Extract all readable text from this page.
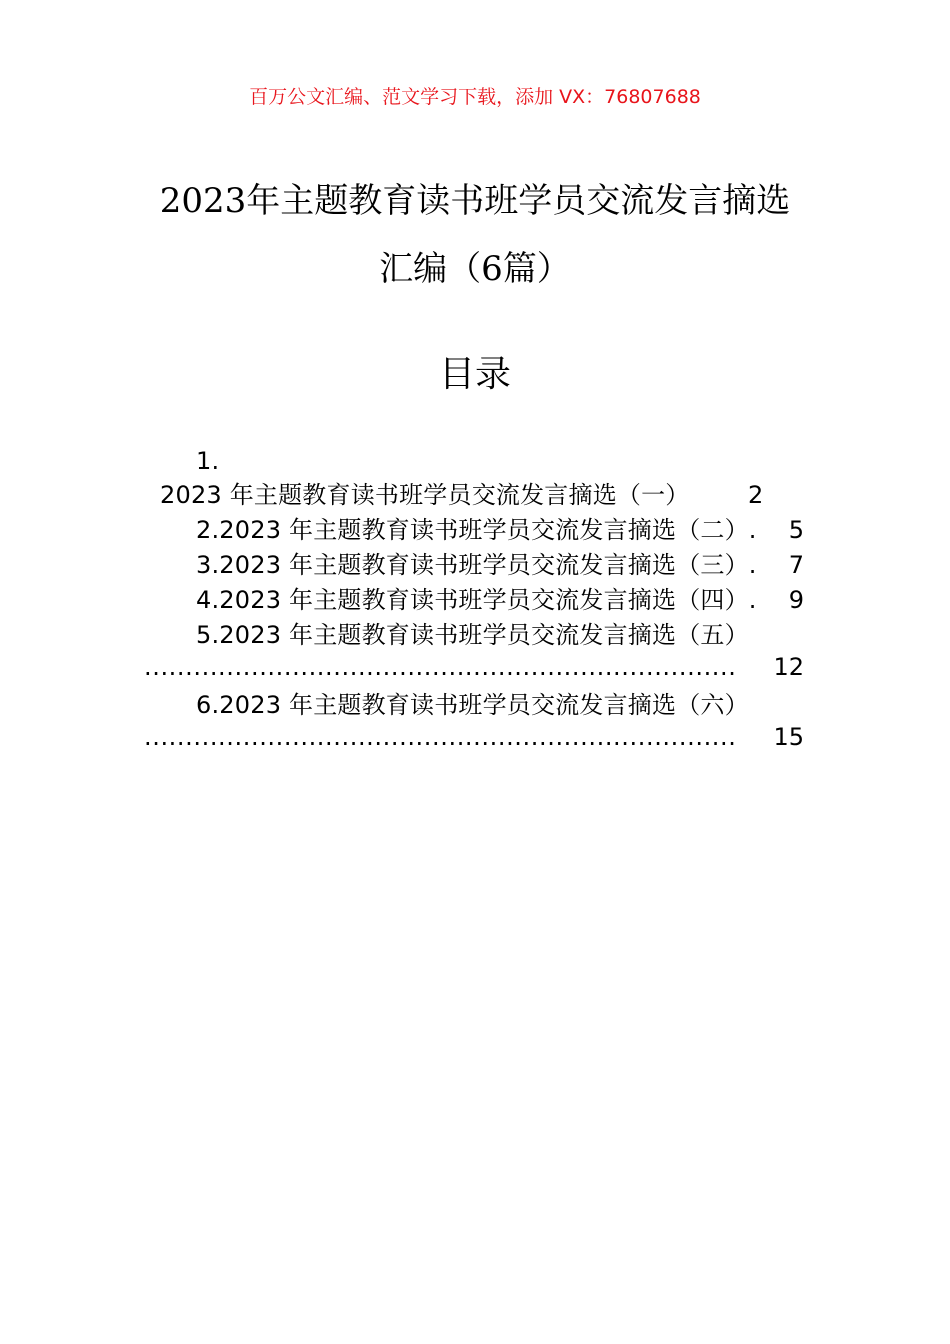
百万公文汇编、范文学习下载，添加 VX：76807688
2023年主题教育读书班学员交流发言摘选
汇编（6篇）
目录
1.
2023 年主题教育读书班学员交流发言摘选（一） 2
2.2023 年主题教育读书班学员交流发言摘选（二）. 5
3.2023 年主题教育读书班学员交流发言摘选（三）. 7
4.2023 年主题教育读书班学员交流发言摘选（四）. 9
5.2023 年主题教育读书班学员交流发言摘选（五）
........................................................................	12
6.2023 年主题教育读书班学员交流发言摘选（六）
........................................................................	15
